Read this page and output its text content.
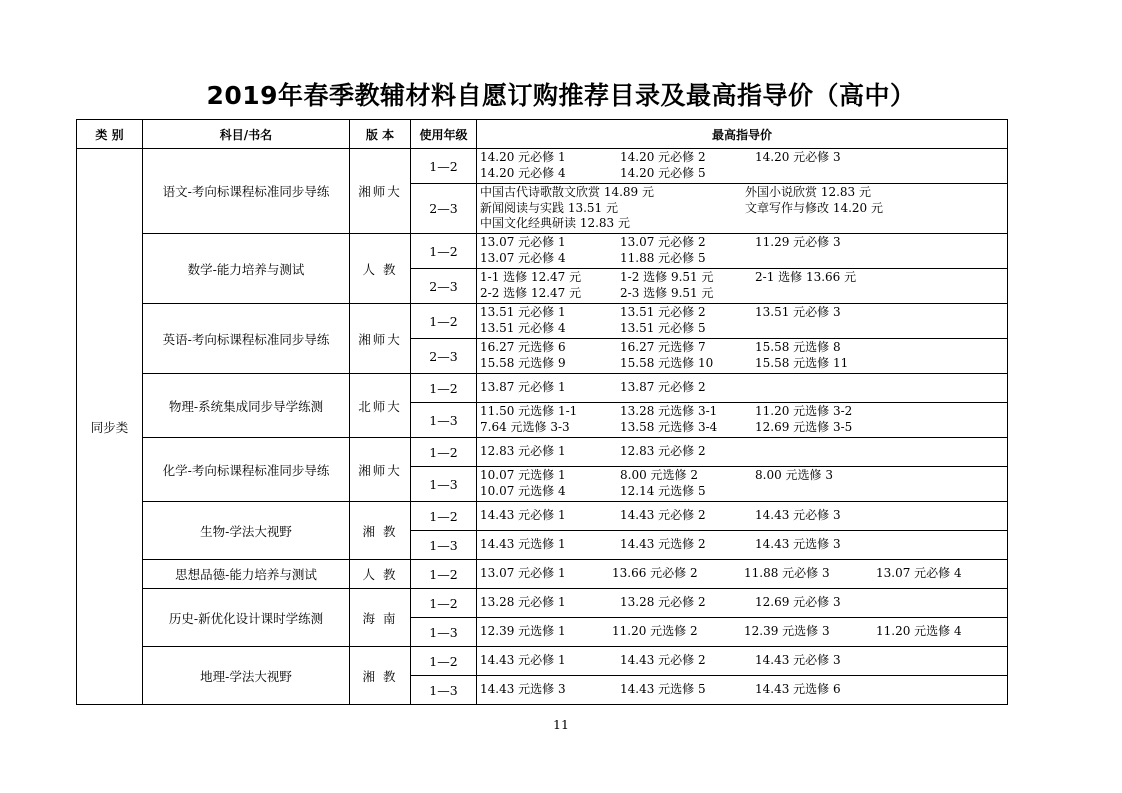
2019年春季教辅材料自愿订购推荐目录及最高指导价（高中）
类 别	科目/书名	版 本	使用年级	最高指导价
同步类	语文-考向标课程标准同步导练	湘师大	1—2	14.20 元必修 1 14.20 元必修 2 14.20 元必修 3
14.20 元必修 4 14.20 元必修 5

			2—3	中国古代诗歌散文欣赏 14.89 元 外国小说欣赏 12.83 元
新闻阅读与实践 13.51 元 文章写作与修改 14.20 元
中国文化经典研读 12.83 元

	数学-能力培养与测试	人 教	1—2	13.07 元必修 1 13.07 元必修 2 11.29 元必修 3
13.07 元必修 4 11.88 元必修 5

			2—3	1-1 选修 12.47 元 1-2 选修 9.51 元 2-1 选修 13.66 元
2-2 选修 12.47 元 2-3 选修 9.51 元

	英语-考向标课程标准同步导练	湘师大	1—2	13.51 元必修 1 13.51 元必修 2 13.51 元必修 3
13.51 元必修 4 13.51 元必修 5

			2—3	16.27 元选修 6 16.27 元选修 7 15.58 元选修 8
15.58 元选修 9 15.58 元选修 10 15.58 元选修 11

	物理-系统集成同步导学练测	北师大	1—2	13.87 元必修 1 13.87 元必修 2

			1—3	11.50 元选修 1-1 13.28 元选修 3-1 11.20 元选修 3-2
7.64 元选修 3-3 13.58 元选修 3-4 12.69 元选修 3-5

	化学-考向标课程标准同步导练	湘师大	1—2	12.83 元必修 1 12.83 元必修 2

			1—3	10.07 元选修 1 8.00 元选修 2 8.00 元选修 3
10.07 元选修 4 12.14 元选修 5

	生物-学法大视野	湘 教	1—2	14.43 元必修 1 14.43 元必修 2 14.43 元必修 3

			1—3	14.43 元选修 1 14.43 元选修 2 14.43 元选修 3

	思想品德-能力培养与测试	人 教	1—2	13.07 元必修 1 13.66 元必修 2 11.88 元必修 3 13.07 元必修 4

	历史-新优化设计课时学练测	海 南	1—2	13.28 元必修 1 13.28 元必修 2 12.69 元必修 3

			1—3	12.39 元选修 1 11.20 元选修 2 12.39 元选修 3 11.20 元选修 4

	地理-学法大视野	湘 教	1—2	14.43 元必修 1 14.43 元必修 2 14.43 元必修 3

			1—3	14.43 元选修 3 14.43 元选修 5 14.43 元选修 6
11
